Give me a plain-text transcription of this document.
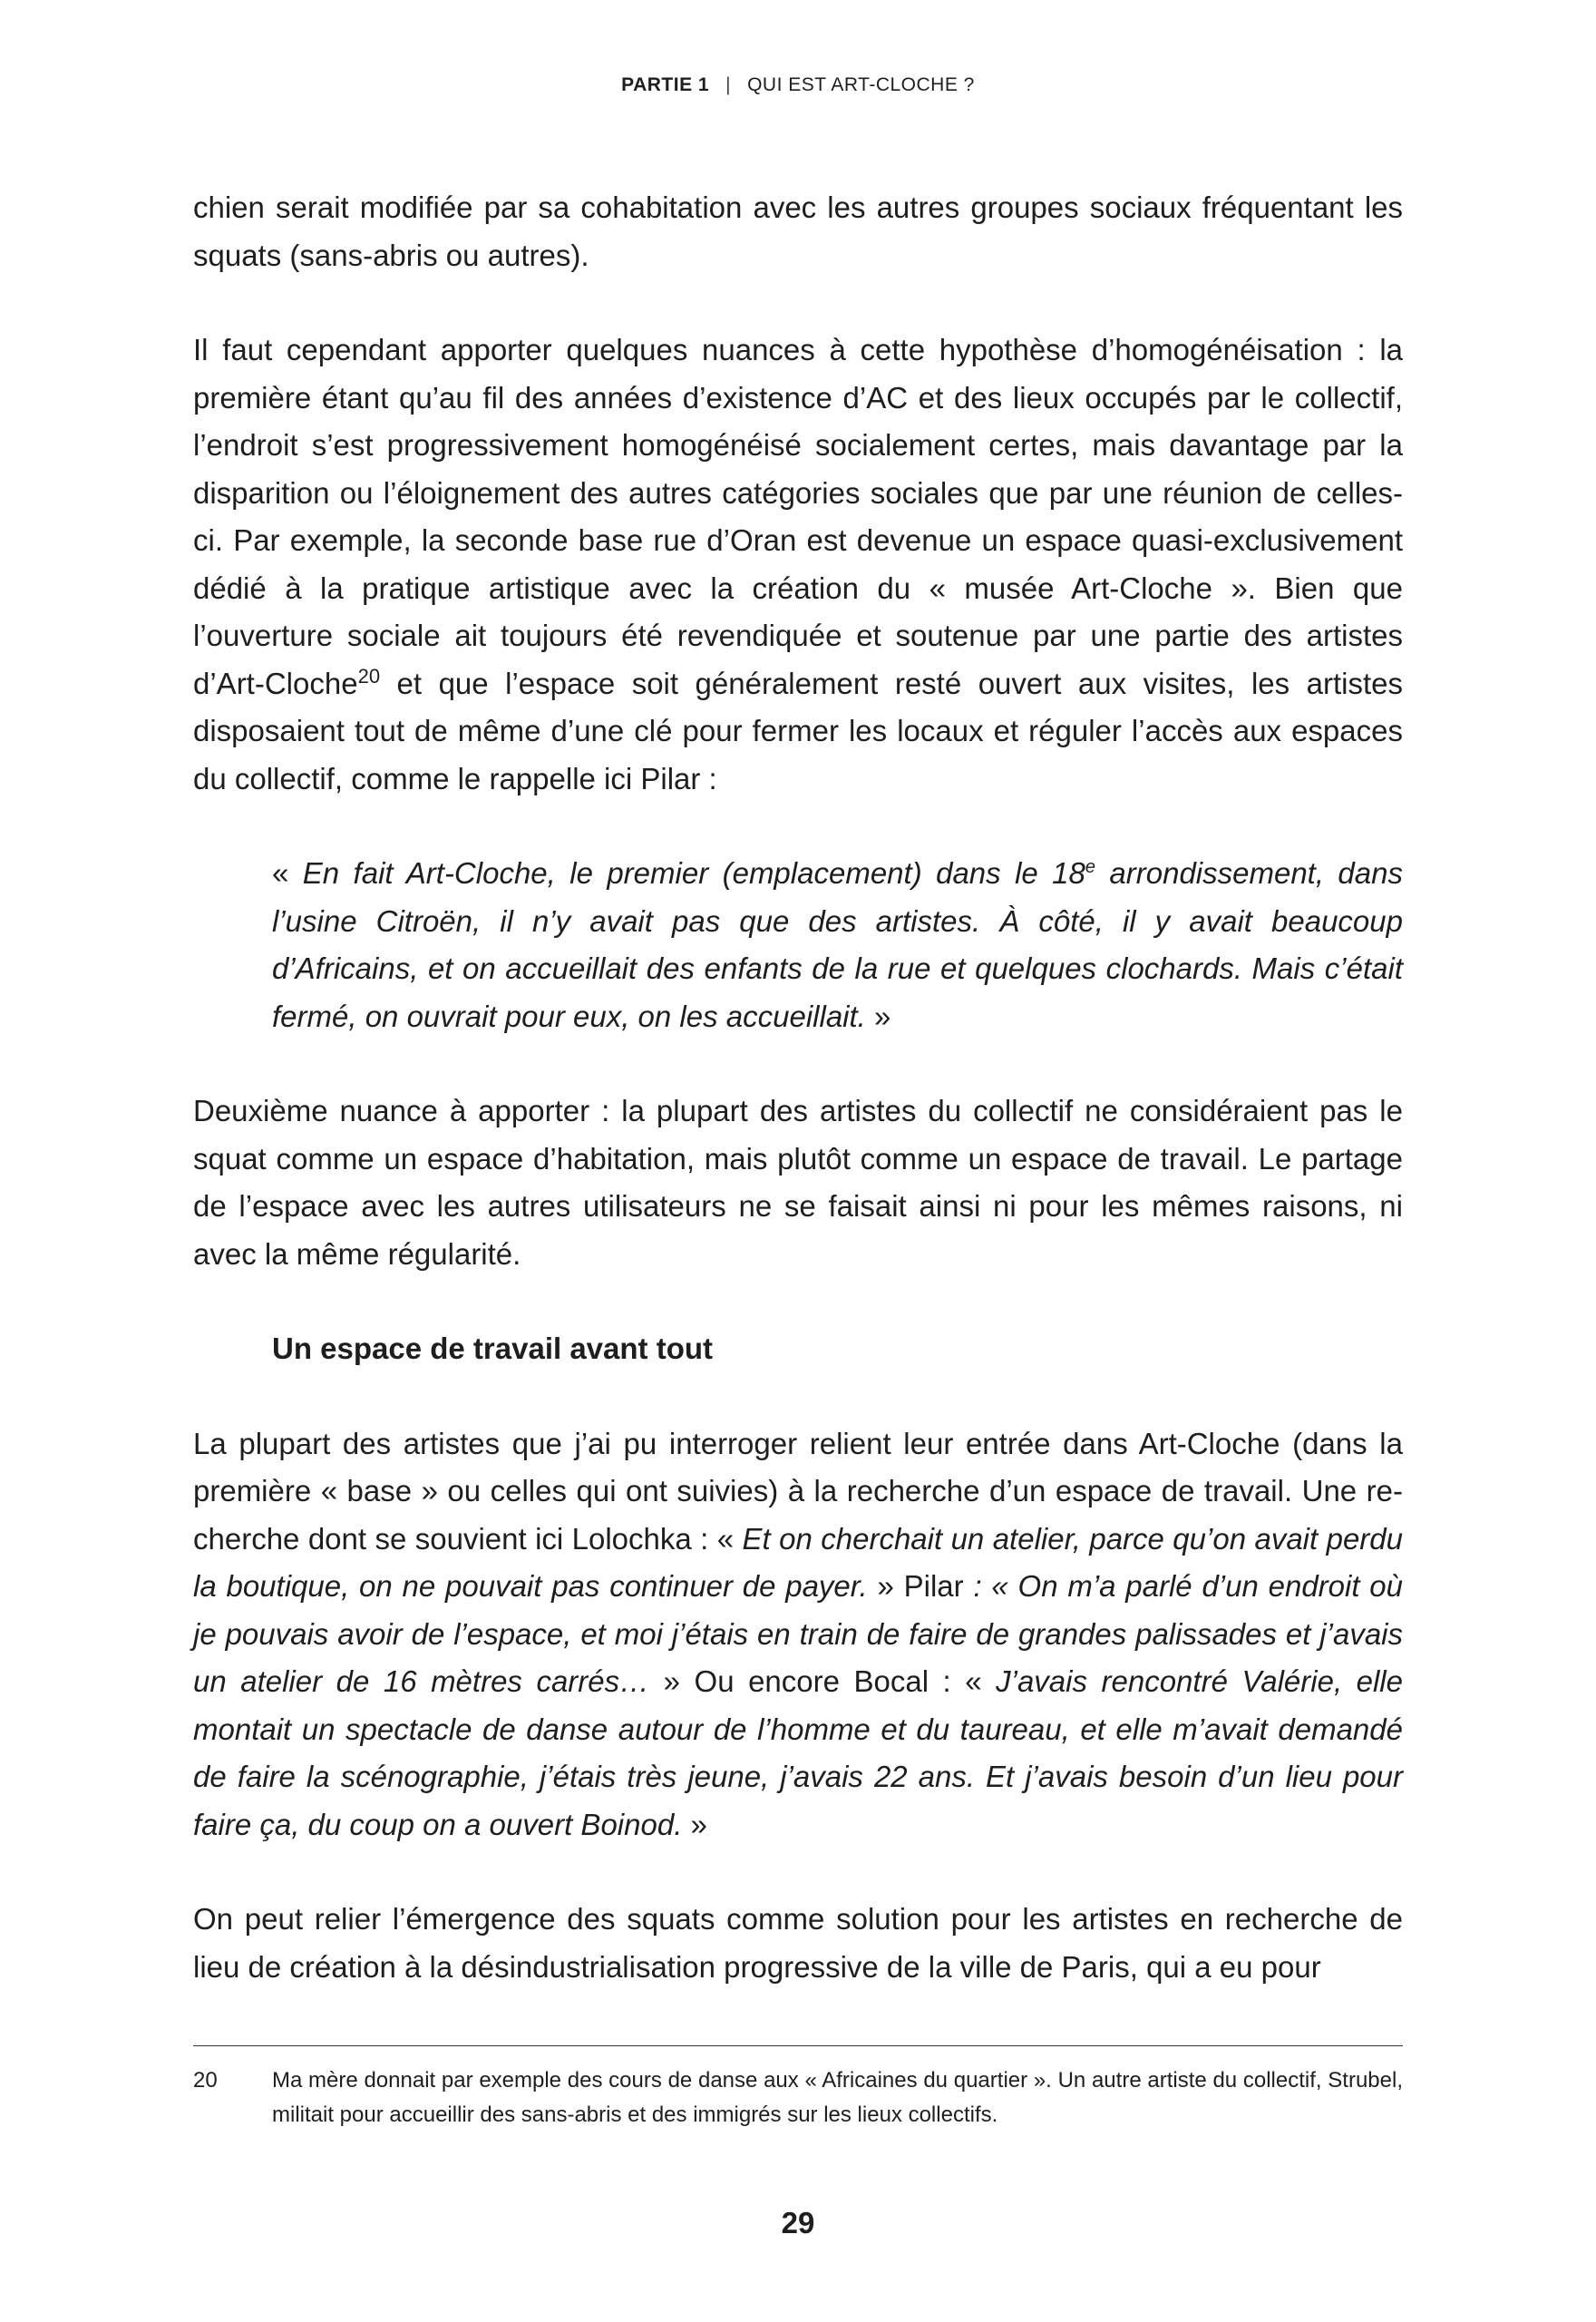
PARTIE 1 | QUI EST ART-CLOCHE ?

chien serait modifiée par sa cohabitation avec les autres groupes sociaux fréquentant les squats (sans-abris ou autres).

Il faut cependant apporter quelques nuances à cette hypothèse d’homogénéisation : la première étant qu’au fil des années d’existence d’AC et des lieux occupés par le collectif, l’endroit s’est progressivement homogénéisé socialement certes, mais davantage par la disparition ou l’éloignement des autres catégories sociales que par une réunion de celles-ci. Par exemple, la seconde base rue d’Oran est devenue un espace quasi-exclusivement dédié à la pratique artistique avec la création du « musée Art-Cloche ». Bien que l’ouverture sociale ait toujours été revendiquée et soutenue par une partie des artistes d’Art-Cloche$^{20}$ et que l’espace soit généralement resté ouvert aux visites, les artistes disposaient tout de même d’une clé pour fermer les locaux et réguler l’accès aux espaces du collectif, comme le rappelle ici Pilar :

« En fait Art-Cloche, le premier (emplacement) dans le 18e arrondissement, dans l’usine Citroën, il n’y avait pas que des artistes. À côté, il y avait beaucoup d’Africains, et on accueillait des enfants de la rue et quelques clochards. Mais c’était fermé, on ouvrait pour eux, on les accueillait. »

Deuxième nuance à apporter : la plupart des artistes du collectif ne considéraient pas le squat comme un espace d’habitation, mais plutôt comme un espace de travail. Le partage de l’espace avec les autres utilisateurs ne se faisait ainsi ni pour les mêmes raisons, ni avec la même régularité.

Un espace de travail avant tout

La plupart des artistes que j’ai pu interroger relient leur entrée dans Art-Cloche (dans la première « base » ou celles qui ont suivies) à la recherche d’un espace de travail. Une recherche dont se souvient ici Lolochka : « Et on cherchait un atelier, parce qu’on avait perdu la boutique, on ne pouvait pas continuer de payer. » Pilar : « On m’a parlé d’un endroit où je pouvais avoir de l’espace, et moi j’étais en train de faire de grandes palissades et j’avais un atelier de 16 mètres carrés… » Ou encore Bocal : « J’avais rencontré Valérie, elle montait un spectacle de danse autour de l’homme et du taureau, et elle m’avait demandé de faire la scénographie, j’étais très jeune, j’avais 22 ans. Et j’avais besoin d’un lieu pour faire ça, du coup on a ouvert Boinod. »

On peut relier l’émergence des squats comme solution pour les artistes en recherche de lieu de création à la désindustrialisation progressive de la ville de Paris, qui a eu pour

20	Ma mère donnait par exemple des cours de danse aux « Africaines du quartier ». Un autre artiste du collectif, Strubel, militait pour accueillir des sans-abris et des immigrés sur les lieux collectifs.
29
